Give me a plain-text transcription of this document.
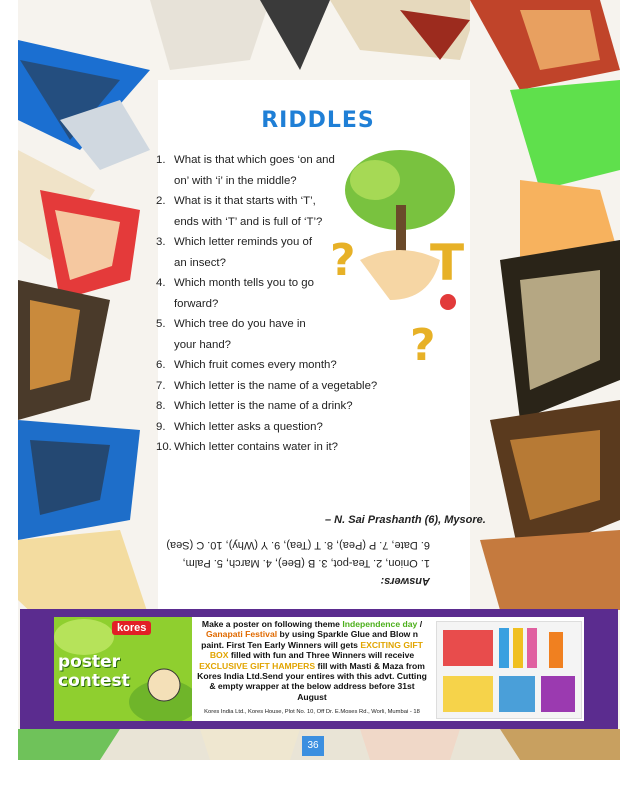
? T
?
RIDDLES
1. What is that which goes ‘on and on’ with ‘i’ in the middle?
2. What is it that starts with ‘T’, ends with ‘T’ and is full of ‘T’?
3. Which letter reminds you of an insect?
4. Which month tells you to go forward?
5. Which tree do you have in your hand?
6. Which fruit comes every month?
7. Which letter is the name of a vegetable?
8. Which letter is the name of a drink?
9. Which letter asks a question?
10. Which letter contains water in it?
– N. Sai Prashanth (6), Mysore.
Answers:
1. Onion, 2. Tea-pot, 3. B (Bee), 4. March, 5. Palm,
6. Date, 7. P (Pea), 8. T (Tea), 9. Y (Why), 10. C (Sea)
kores
poster
contest
Make a poster on following theme Independence day / Ganapati Festival by using Sparkle Glue and Blow n paint. First Ten Early Winners will gets EXCITING GIFT BOX filled with fun and Three Winners will receive EXCLUSIVE GIFT HAMPERS fill with Masti & Maza from Kores India Ltd.Send your entires with this advt. Cutting & empty wrapper at the below address before 31st August
Kores India Ltd., Kores House, Plot No. 10, Off Dr. E.Moses Rd., Worli, Mumbai - 18
36
